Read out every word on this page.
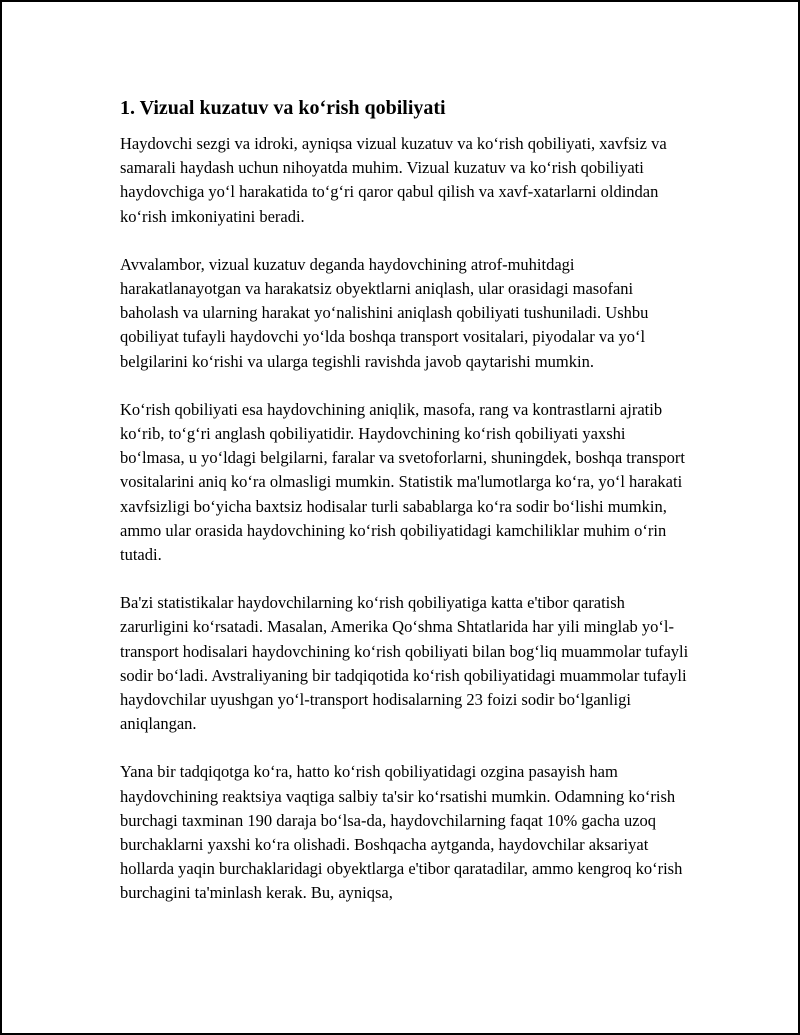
1. Vizual kuzatuv va ko‘rish qobiliyati

Haydovchi sezgi va idroki, ayniqsa vizual kuzatuv va ko‘rish qobiliyati, xavfsiz va samarali haydash uchun nihoyatda muhim. Vizual kuzatuv va ko‘rish qobiliyati haydovchiga yo‘l harakatida to‘g‘ri qaror qabul qilish va xavf-xatarlarni oldindan ko‘rish imkoniyatini beradi.

Avvalambor, vizual kuzatuv deganda haydovchining atrof-muhitdagi harakatlanayotgan va harakatsiz obyektlarni aniqlash, ular orasidagi masofani baholash va ularning harakat yo‘nalishini aniqlash qobiliyati tushuniladi. Ushbu qobiliyat tufayli haydovchi yo‘lda boshqa transport vositalari, piyodalar va yo‘l belgilarini ko‘rishi va ularga tegishli ravishda javob qaytarishi mumkin.

Ko‘rish qobiliyati esa haydovchining aniqlik, masofa, rang va kontrastlarni ajratib ko‘rib, to‘g‘ri anglash qobiliyatidir. Haydovchining ko‘rish qobiliyati yaxshi bo‘lmasa, u yo‘ldagi belgilarni, faralar va svetoforlarni, shuningdek, boshqa transport vositalarini aniq ko‘ra olmasligi mumkin. Statistik ma'lumotlarga ko‘ra, yo‘l harakati xavfsizligi bo‘yicha baxtsiz hodisalar turli sabablarga ko‘ra sodir bo‘lishi mumkin, ammo ular orasida haydovchining ko‘rish qobiliyatidagi kamchiliklar muhim o‘rin tutadi.

Ba'zi statistikalar haydovchilarning ko‘rish qobiliyatiga katta e'tibor qaratish zarurligini ko‘rsatadi. Masalan, Amerika Qo‘shma Shtatlarida har yili minglab yo‘l-transport hodisalari haydovchining ko‘rish qobiliyati bilan bog‘liq muammolar tufayli sodir bo‘ladi. Avstraliyaning bir tadqiqotida ko‘rish qobiliyatidagi muammolar tufayli haydovchilar uyushgan yo‘l-transport hodisalarning 23 foizi sodir bo‘lganligi aniqlangan.

Yana bir tadqiqotga ko‘ra, hatto ko‘rish qobiliyatidagi ozgina pasayish ham haydovchining reaktsiya vaqtiga salbiy ta'sir ko‘rsatishi mumkin. Odamning ko‘rish burchagi taxminan 190 daraja bo‘lsa-da, haydovchilarning faqat 10% gacha uzoq burchaklarni yaxshi ko‘ra olishadi. Boshqacha aytganda, haydovchilar aksariyat hollarda yaqin burchaklaridagi obyektlarga e'tibor qaratadilar, ammo kengroq ko‘rish burchagini ta'minlash kerak. Bu, ayniqsa,
